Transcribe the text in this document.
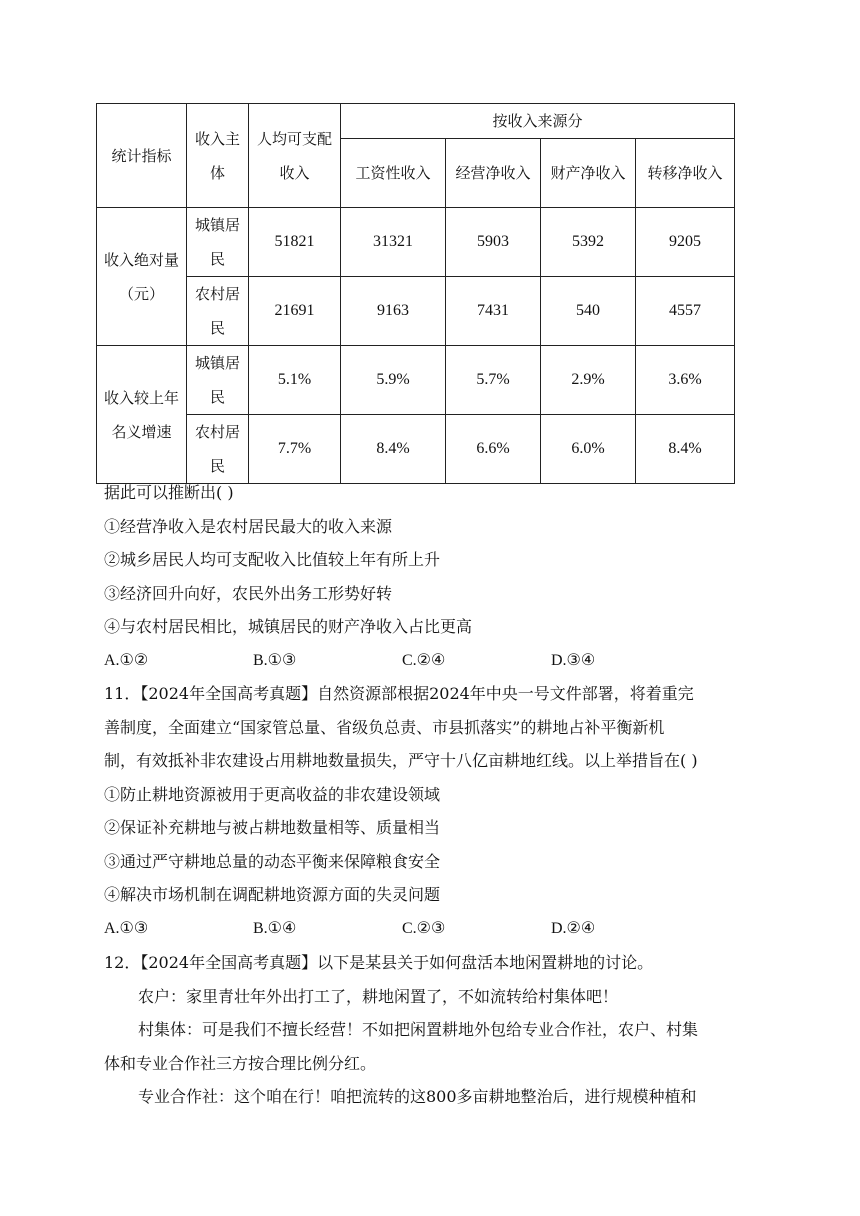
统计指标	收入主体	人均可支配收入	按收入来源分			
			工资性收入	经营净收入	财产净收入	转移净收入
收入绝对量（元）	城镇居民	51821	31321	5903	5392	9205
	农村居民	21691	9163	7431	540	4557
收入较上年名义增速	城镇居民	5.1%	5.9%	5.7%	2.9%	3.6%
	农村居民	7.7%	8.4%	6.6%	6.0%	8.4%
据此可以推断出( )
①经营净收入是农村居民最大的收入来源
②城乡居民人均可支配收入比值较上年有所上升
③经济回升向好，农民外出务工形势好转
④与农村居民相比，城镇居民的财产净收入占比更高
A.①②	B.①③	C.②④	D.③④
11．【2024年全国高考真题】自然资源部根据2024年中央一号文件部署，将着重完
善制度，全面建立“国家管总量、省级负总责、市县抓落实”的耕地占补平衡新机
制，有效抵补非农建设占用耕地数量损失，严守十八亿亩耕地红线。以上举措旨在( )
①防止耕地资源被用于更高收益的非农建设领域
②保证补充耕地与被占耕地数量相等、质量相当
③通过严守耕地总量的动态平衡来保障粮食安全
④解决市场机制在调配耕地资源方面的失灵问题
A.①③	B.①④	C.②③	D.②④
12．【2024年全国高考真题】以下是某县关于如何盘活本地闲置耕地的讨论。
农户：家里青壮年外出打工了，耕地闲置了，不如流转给村集体吧！
村集体：可是我们不擅长经营！不如把闲置耕地外包给专业合作社，农户、村集
体和专业合作社三方按合理比例分红。
专业合作社：这个咱在行！咱把流转的这800多亩耕地整治后，进行规模种植和
